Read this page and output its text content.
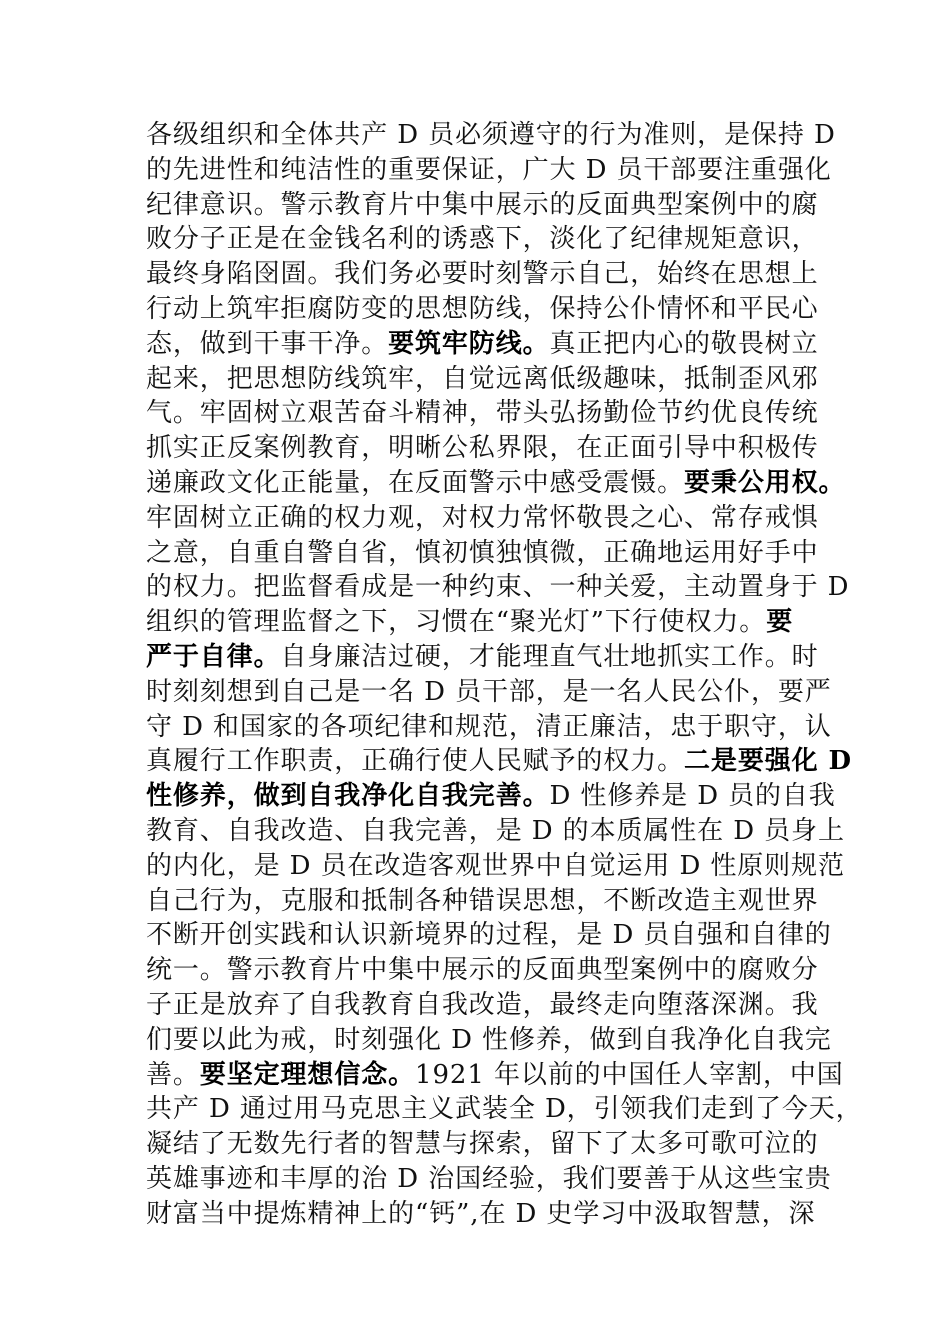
各级组织和全体共产 D 员必须遵守的行为准则，是保持 D
的先进性和纯洁性的重要保证，广大 D 员干部要注重强化
纪律意识。警示教育片中集中展示的反面典型案例中的腐
败分子正是在金钱名利的诱惑下，淡化了纪律规矩意识，
最终身陷囹圄。我们务必要时刻警示自己，始终在思想上
行动上筑牢拒腐防变的思想防线，保持公仆情怀和平民心
态，做到干事干净。要筑牢防线。真正把内心的敬畏树立
起来，把思想防线筑牢，自觉远离低级趣味，抵制歪风邪
气。牢固树立艰苦奋斗精神，带头弘扬勤俭节约优良传统
抓实正反案例教育，明晰公私界限，在正面引导中积极传
递廉政文化正能量，在反面警示中感受震慑。要秉公用权。
牢固树立正确的权力观，对权力常怀敬畏之心、常存戒惧
之意，自重自警自省，慎初慎独慎微，正确地运用好手中
的权力。把监督看成是一种约束、一种关爱，主动置身于 D
组织的管理监督之下，习惯在“聚光灯”下行使权力。要
严于自律。自身廉洁过硬，才能理直气壮地抓实工作。时
时刻刻想到自己是一名 D 员干部，是一名人民公仆，要严
守 D 和国家的各项纪律和规范，清正廉洁，忠于职守，认
真履行工作职责，正确行使人民赋予的权力。二是要强化 D
性修养，做到自我净化自我完善。D 性修养是 D 员的自我
教育、自我改造、自我完善，是 D 的本质属性在 D 员身上
的内化，是 D 员在改造客观世界中自觉运用 D 性原则规范
自己行为，克服和抵制各种错误思想，不断改造主观世界
不断开创实践和认识新境界的过程，是 D 员自强和自律的
统一。警示教育片中集中展示的反面典型案例中的腐败分
子正是放弃了自我教育自我改造，最终走向堕落深渊。我
们要以此为戒，时刻强化 D 性修养，做到自我净化自我完
善。要坚定理想信念。1921 年以前的中国任人宰割，中国
共产 D 通过用马克思主义武装全 D，引领我们走到了今天，
凝结了无数先行者的智慧与探索，留下了太多可歌可泣的
英雄事迹和丰厚的治 D 治国经验，我们要善于从这些宝贵
财富当中提炼精神上的“钙”,在 D 史学习中汲取智慧，深
